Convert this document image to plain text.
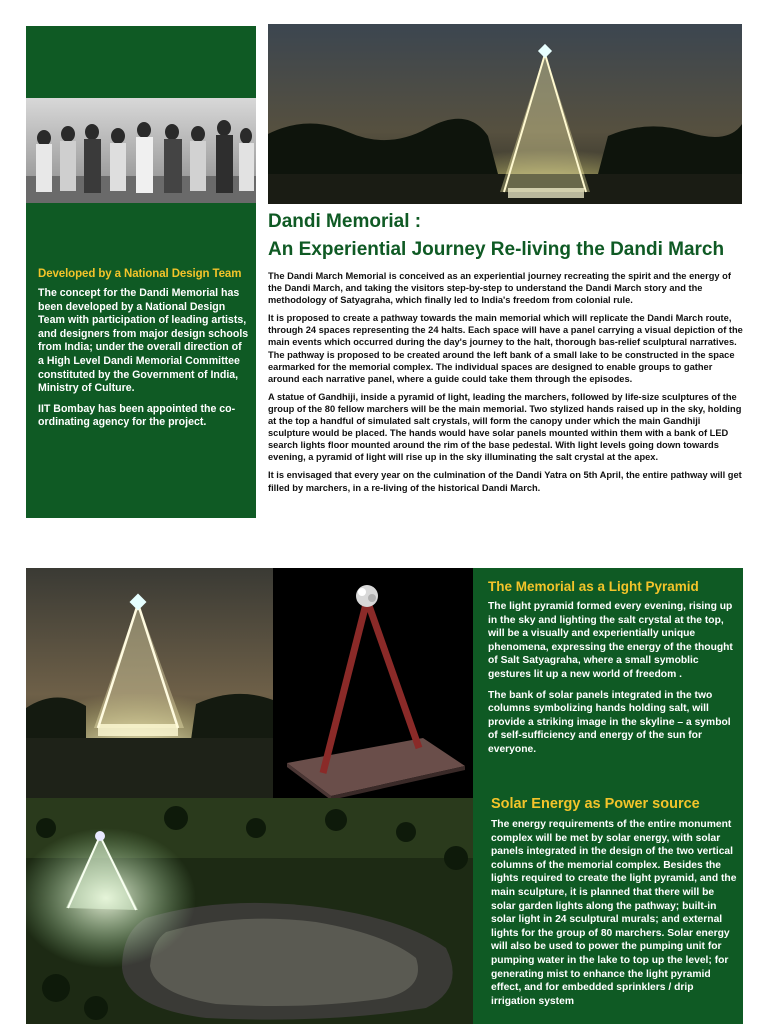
Developed by a National Design Team

The concept for the Dandi Memorial has been developed by a National Design Team with participation of leading artists, and designers from major design schools from India; under the overall direction of a High Level Dandi Memorial Committee constituted by the Government of India, Ministry of Culture.

IIT Bombay has been appointed the co-ordinating agency for the project.

Dandi Memorial :
An Experiential Journey Re-living the Dandi March

The Dandi March Memorial is conceived as an experiential journey recreating the spirit and the energy of the Dandi March, and taking the visitors step-by-step to understand the Dandi March story and the methodology of Satyagraha, which finally led to India's freedom from colonial rule.

It is proposed to create a pathway towards the main memorial which will replicate the Dandi March route, through 24 spaces representing the 24 halts. Each space will have a panel carrying a visual depiction of the main events which occurred during the day's journey to the halt, thorough bas-relief sculptural narratives. The pathway is proposed to be created around the left bank of a small lake to be constructed in the space earmarked for the memorial complex. The individual spaces are designed to enable groups to gather around each narrative panel, where a guide could take them through the episodes.

A statue of Gandhiji, inside a pyramid of light, leading the marchers, followed by life-size sculptures of the group of the 80 fellow marchers will be the main memorial. Two stylized hands raised up in the sky, holding at the top a handful of simulated salt crystals, will form the canopy under which the main Gandhiji sculpture would be placed. The hands would have solar panels mounted within them with a bank of LED search lights floor mounted around the rim of the base pedestal. With light levels going down towards evening, a pyramid of light will rise up in the sky illuminating the salt crystal at the apex.

It is envisaged that every year on the culmination of the Dandi Yatra on 5th April, the entire pathway will get filled by marchers, in a re-living of the historical Dandi March.

The Memorial as a Light Pyramid

The light pyramid formed every evening, rising up in the sky and lighting the salt crystal at the top, will be a visually and experientially unique phenomena, expressing the energy of the thought of Salt Satyagraha, where a small symoblic gestures lit up a new world of freedom .

The bank of solar panels integrated in the two columns symbolizing hands holding salt, will provide a striking image in the skyline – a symbol of self-sufficiency and energy of the sun for everyone.

Solar Energy as Power source
The energy requirements of the entire monument complex will be met by solar energy, with solar panels integrated in the design of the two vertical columns of the memorial complex. Besides the lights required to create the light pyramid, and the main sculpture, it is planned that there will be solar garden lights along the pathway; built-in solar light in 24 sculptural murals; and external lights for the group of 80 marchers. Solar energy will also be used to power the pumping unit for pumping water in the lake to top up the level; for generating mist to enhance the light pyramid effect, and for embedded sprinklers / drip irrigation system
